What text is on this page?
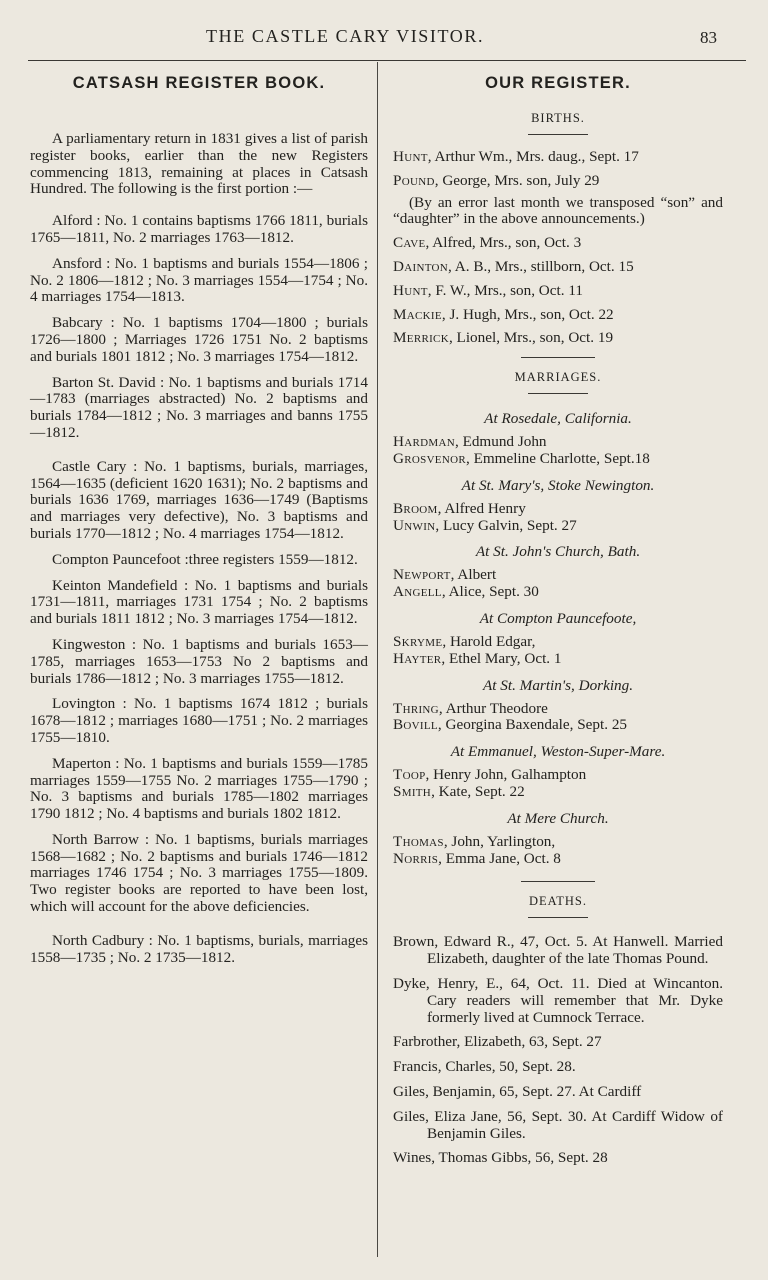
THE CASTLE CARY VISITOR.	83
CATSASH REGISTER BOOK.

A parliamentary return in 1831 gives a list of parish register books, earlier than the new Registers commencing 1813, remaining at places in Catsash Hundred. The following is the first portion :—

Alford : No. 1 contains baptisms 1766 1811, burials 1765—1811, No. 2 marriages 1763—1812.

Ansford : No. 1 baptisms and burials 1554—1806 ; No. 2 1806—1812 ; No. 3 marriages 1554—1754 ; No. 4 marriages 1754—1813.

Babcary : No. 1 baptisms 1704—1800 ; burials 1726—1800 ; Marriages 1726 1751 No. 2 baptisms and burials 1801 1812 ; No. 3 marriages 1754—1812.

Barton St. David : No. 1 baptisms and burials 1714—1783 (marriages abstracted) No. 2 baptisms and burials 1784—1812 ; No. 3 marriages and banns 1755—1812.

Castle Cary : No. 1 baptisms, burials, marriages, 1564—1635 (deficient 1620 1631); No. 2 baptisms and burials 1636 1769, marriages 1636—1749 (Baptisms and marriages very defective), No. 3 baptisms and burials 1770—1812 ; No. 4 marriages 1754—1812.

Compton Pauncefoot :three registers 1559—1812.

Keinton Mandefield : No. 1 baptisms and burials 1731—1811, marriages 1731 1754 ; No. 2 baptisms and burials 1811 1812 ; No. 3 marriages 1754—1812.

Kingweston : No. 1 baptisms and burials 1653—1785, marriages 1653—1753 No 2 baptisms and burials 1786—1812 ; No. 3 marriages 1755—1812.

Lovington : No. 1 baptisms 1674 1812 ; burials 1678—1812 ; marriages 1680—1751 ; No. 2 marriages 1755—1810.

Maperton : No. 1 baptisms and burials 1559—1785 marriages 1559—1755 No. 2 marriages 1755—1790 ; No. 3 baptisms and burials 1785—1802 marriages 1790 1812 ; No. 4 baptisms and burials 1802 1812.

North Barrow : No. 1 baptisms, burials marriages 1568—1682 ; No. 2 baptisms and burials 1746—1812 marriages 1746 1754 ; No. 3 marriages 1755—1809. Two register books are reported to have been lost, which will account for the above deficiencies.

North Cadbury : No. 1 baptisms, burials, marriages 1558—1735 ; No. 2 1735—1812.

OUR REGISTER.

BIRTHS.

Hunt, Arthur Wm., Mrs. daug., Sept. 17

Pound, George, Mrs. son, July 29

(By an error last month we transposed “son” and “daughter” in the above announcements.)

Cave, Alfred, Mrs., son, Oct. 3

Dainton, A. B., Mrs., stillborn, Oct. 15

Hunt, F. W., Mrs., son, Oct. 11

Mackie, J. Hugh, Mrs., son, Oct. 22

Merrick, Lionel, Mrs., son, Oct. 19

MARRIAGES.

At Rosedale, California.

Hardman, Edmund John

Grosvenor, Emmeline Charlotte, Sept.18

At St. Mary's, Stoke Newington.

Broom, Alfred Henry

Unwin, Lucy Galvin, Sept. 27

At St. John's Church, Bath.

Newport, Albert

Angell, Alice, Sept. 30

At Compton Pauncefoote,

Skryme, Harold Edgar,

Hayter, Ethel Mary, Oct. 1

At St. Martin's, Dorking.

Thring, Arthur Theodore

Bovill, Georgina Baxendale, Sept. 25

At Emmanuel, Weston-Super-Mare.

Toop, Henry John, Galhampton

Smith, Kate, Sept. 22

At Mere Church.

Thomas, John, Yarlington,

Norris, Emma Jane, Oct. 8

DEATHS.

Brown, Edward R., 47, Oct. 5. At Hanwell. Married Elizabeth, daughter of the late Thomas Pound.

Dyke, Henry, E., 64, Oct. 11. Died at Wincanton. Cary readers will remember that Mr. Dyke formerly lived at Cumnock Terrace.

Farbrother, Elizabeth, 63, Sept. 27

Francis, Charles, 50, Sept. 28.

Giles, Benjamin, 65, Sept. 27. At Cardiff

Giles, Eliza Jane, 56, Sept. 30. At Cardiff Widow of Benjamin Giles.

Wines, Thomas Gibbs, 56, Sept. 28
